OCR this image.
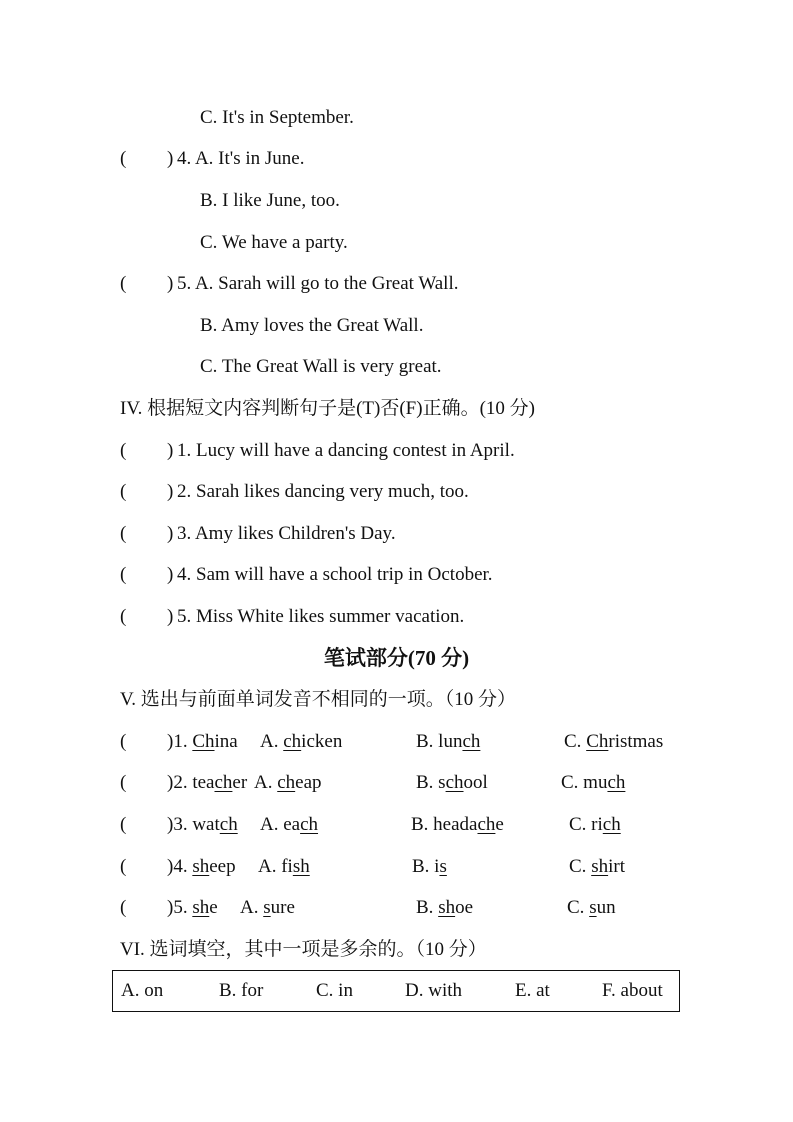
C. It's in September.
( ) 4. A. It's in June.
B. I like June, too.
C. We have a party.
( ) 5. A. Sarah will go to the Great Wall.
B. Amy loves the Great Wall.
C. The Great Wall is very great.
IV. 根据短文内容判断句子是(T)否(F)正确。(10 分)
( ) 1. Lucy will have a dancing contest in April.
( ) 2. Sarah likes dancing very much, too.
( ) 3. Amy likes Children's Day.
( ) 4. Sam will have a school trip in October.
( ) 5. Miss White likes summer vacation.
笔试部分(70 分)
V. 选出与前面单词发音不相同的一项。（10 分）
( )1. China A. chicken	B. lunch	C. Christmas
( )2. teacher A. cheap	B. school	C. much
( )3. watch A. each	B. headache	C. rich
( )4. sheep A. fish	B. is	C. shirt
( )5. she A. sure	B. shoe	C. sun
VI. 选词填空，其中一项是多余的。（10 分）
A. on	B. for	C. in	D. with	E. at	F. about
